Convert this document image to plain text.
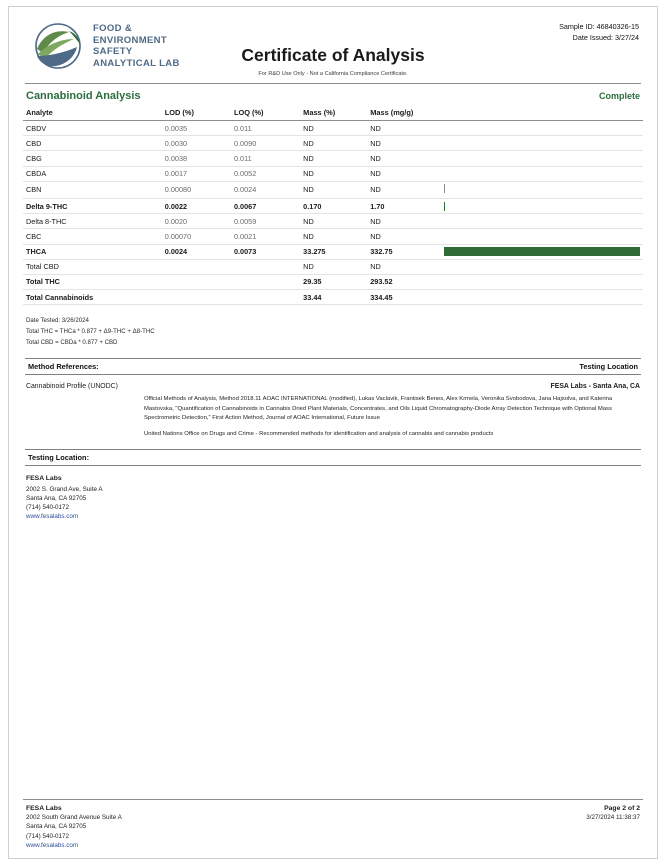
FOOD &
ENVIRONMENT
SAFETY
ANALYTICAL LAB	Certificate of Analysis
For R&D Use Only - Not a California Compliance Certificate.
Sample ID: 46840326-15
Date Issued: 3/27/24
Cannabinoid Analysis	Complete
Analyte	LOD (%)	LOQ (%)	Mass (%)	Mass (mg/g)	
CBDV	0.0035	0.011	ND	ND	
CBD	0.0030	0.0090	ND	ND	
CBG	0.0038	0.011	ND	ND	
CBDA	0.0017	0.0052	ND	ND	
CBN	0.00080	0.0024	ND	ND	
Delta 9-THC	0.0022	0.0067	0.170	1.70	

Delta 8-THC	0.0020	0.0059	ND	ND	
CBC	0.00070	0.0021	ND	ND	
THCA	0.0024	0.0073	33.275	332.75	

Total CBD			ND	ND	
Total THC			29.35	293.52	
Total Cannabinoids			33.44	334.45	
Date Tested: 3/26/2024
Total THC = THCa * 0.877 + Δ9-THC + Δ8-THC
Total CBD = CBDa * 0.877 + CBD
Method References:	Testing Location
Cannabinoid Profile (UNODC)	FESA Labs - Santa Ana, CA

Official Methods of Analysis, Method 2018.11 AOAC INTERNATIONAL (modified), Lukas Vaclavik, Frantisek Benes, Alex Krmela, Veronika Svobodova, Jana Hajsolva, and Katerina Mastovska, "Quantification of Cannabinoids in Cannabis Dried Plant Materials, Concentrates, and Oils Liquid Chromatography-Diode Array Detection Technique with Optional Mass Spectrometric Detection," First Action Method, Journal of AOAC International, Future Issue

United Nations Office on Drugs and Crime - Recommended methods for identification and analysis of cannabis and cannabis products

Testing Location:
FESA Labs
2002 S. Grand Ave, Suite A
Santa Ana, CA 92705
(714) 540-0172
www.fesalabs.com
FESA Labs
2002 South Grand Avenue Suite A
Santa Ana, CA 92705
(714) 540-0172
www.fesalabs.com
Page 2 of 2
3/27/2024 11:38:37
